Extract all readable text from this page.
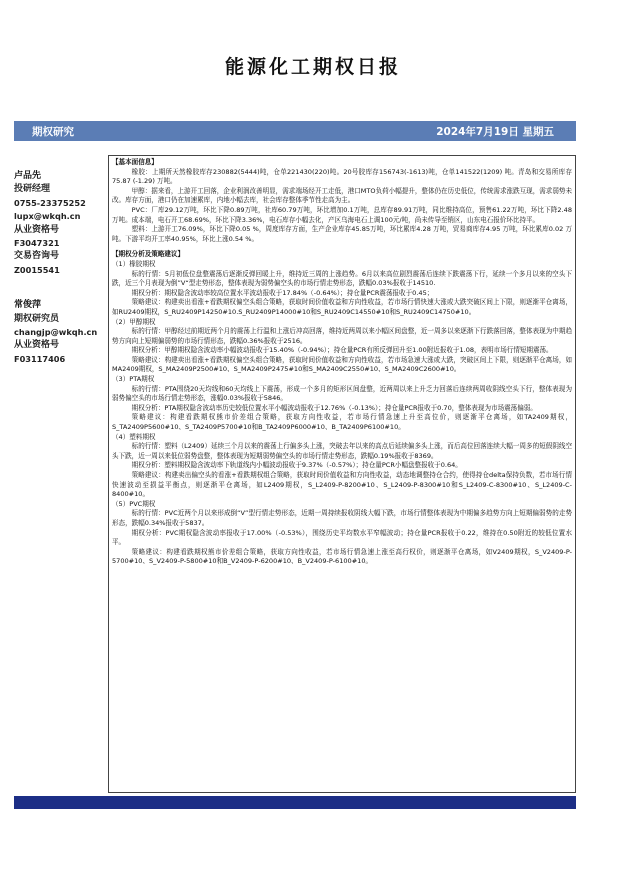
能源化工期权日报
期权研究	2024年7月19日 星期五
卢品先
投研经理
0755-23375252
lupx@wkqh.cn
从业资格号
F3047321
交易咨询号
Z0015541
常俊萍
期权研究员
changjp@wkqh.cn
从业资格号
F03117406

【基本面信息】

橡胶：上期所天然橡胶库存230882(5444)吨，仓单221430(220)吨。20号胶库存156743(-1613)吨，仓单141522(1209) 吨。青岛和交易所库存75.87 (-1.29) 万吨。

甲醇：据来看，上游开工回落，企业利润改善明显，需求端场经开工走低，港口MTO负荷小幅提升，整体仍在历史低位，传统需求涨跌互现，需求弱势未改。库存方面，港口仍在加速累库，内地小幅去库，社会库存整体季节性走高为主。

PVC：厂库29.12万吨，环比下降0.89万吨，社库60.79万吨，环比增加0.1万吨，总库存89.91万吨，同比维持高位，预售61.22万吨，环比下降2.48万吨。成本端，电石开工68.69%，环比下降3.36%，电石库存小幅去化，产区乌海电石上调100元/吨，尚未传导至销区，山东电石报价环比持平。

塑料：上游开工76.09%，环比下降0.05 %，周度库存方面，生产企业库存45.85万吨，环比累库4.28 万吨，贸易商库存4.95 万吨，环比累库0.02 万吨。下游平均开工率40.95%，环比上涨0.54 %。

【期权分析及策略建议】

（1）橡胶期权

标的行情：5月初低位盘整震荡后逐渐反弹回暖上升，维持近三周的上涨趋势。6月以来高位剧烈震荡后连续下跌震荡下行，延续一个多月以来的空头下跌，近三个月表现为倒”V“型走势形态，整体表现为弱势偏空头的市场行情走势形态，跌幅0.03%报收于14510.

期权分析：期权隐含波动率较高位置水平波动报收于17.84%（-0.64%）；持仓量PCR震荡报收于0.45；

策略建议：构建卖出看涨+看跌期权偏空头组合策略，获取时间价值收益和方向性收益，若市场行情快速大涨或大跌突破区间上下限，则逐渐平仓离场，如RU2409期权，S_RU2409P14250#10.S_RU2409P14000#10和S_RU2409C14550#10和S_RU2409C14750#10。

（2）甲醇期权

标的行情：甲醇经过前期近两个月的震荡上行温和上涨后冲高回落，维持近两周以来小幅区间盘整，近一周多以来逐渐下行跌落回落，整体表现为中期趋势方向向上短期偏弱势的市场行情形态，跌幅0.36%报收于2516。

期权分析：甲醇期权隐含波动率小幅波动报收于15.40%（-0.94%）；持仓量PCR有所反弹回升至1.00附近报收于1.08，表明市场行情短期震荡。

策略建议：构建卖出看涨+看跌期权偏空头组合策略，获取时间价值收益和方向性收益，若市场急速大涨或大跌，突破区间上下限，则逐渐平仓离场，如MA2409期权，S_MA2409P2500#10、S_MA2409P2475#10和S_MA2409C2550#10、S_MA2409C2600#10。

（3）PTA期权

标的行情：PTA围绕20天均线和60天均线上下震荡，形成一个多月的矩形区间盘整，近两周以来上升乏力回落后连续两周收阴线空头下行，整体表现为弱势偏空头的市场行情走势形态，涨幅0.03%报收于5846。

期权分析：PTA期权隐含波动率历史较低位置水平小幅波动报收于12.76%（-0.13%）；持仓量PCR报收于0.70，整体表现为市场震荡偏弱。

策略建议：构建看跌期权熊市价差组合策略，获取方向性收益，若市场行情急速上升至高位价，则逐渐平仓离场，如TA2409期权，S_TA2409P5600#10、S_TA2409P5700#10和B_TA2409P6000#10、B_TA2409P6100#10。

（4）塑料期权

标的行情：塑料（L2409）延续三个月以来的震荡上行偏多头上涨，突破去年以来的高点后延续偏多头上涨，而后高位回落连续大幅一周多的短假阴线空头下跌，近一周以来低位弱势盘整，整体表现为短期弱势偏空头的市场行情走势形态，跌幅0.19%报收于8369。

期权分析：塑料期权隐含波动率下轨道线内小幅波动报收于9.37%（-0.57%）；持仓量PCR小幅盘整报收于0.64。

策略建议：构建卖出偏空头的看涨+看跌期权组合策略，获取时间价值收益和方向性收益，动态地调整持仓合约，使得持仓delta保持负数，若市场行情快速波动至损益平衡点，则逐渐平仓离场，如L2409期权，S_L2409-P-8200#10、S_L2409-P-8300#10和S_L2409-C-8300#10、S_L2409-C-8400#10。

（5）PVC期权

标的行情：PVC近两个月以来形成倒“V”型行情走势形态，近期一周持续报收阴线大幅下跌，市场行情整体表现为中期偏多趋势方向上短期偏弱势的走势形态，跌幅0.34%报收于5837。

期权分析：PVC期权隐含波动率报收于17.00%（-0.53%），围绕历史平均数水平窄幅波动；持仓量PCR报收于0.22，维持在0.50附近的较低位置水平。

策略建议：构建看跌期权熊市价差组合策略，获取方向性收益，若市场行情急速上涨至高行权价，则逐渐平仓离场，如V2409期权，S_V2409-P-5700#10、S_V2409-P-5800#10和B_V2409-P-6200#10、B_V2409-P-6100#10。
